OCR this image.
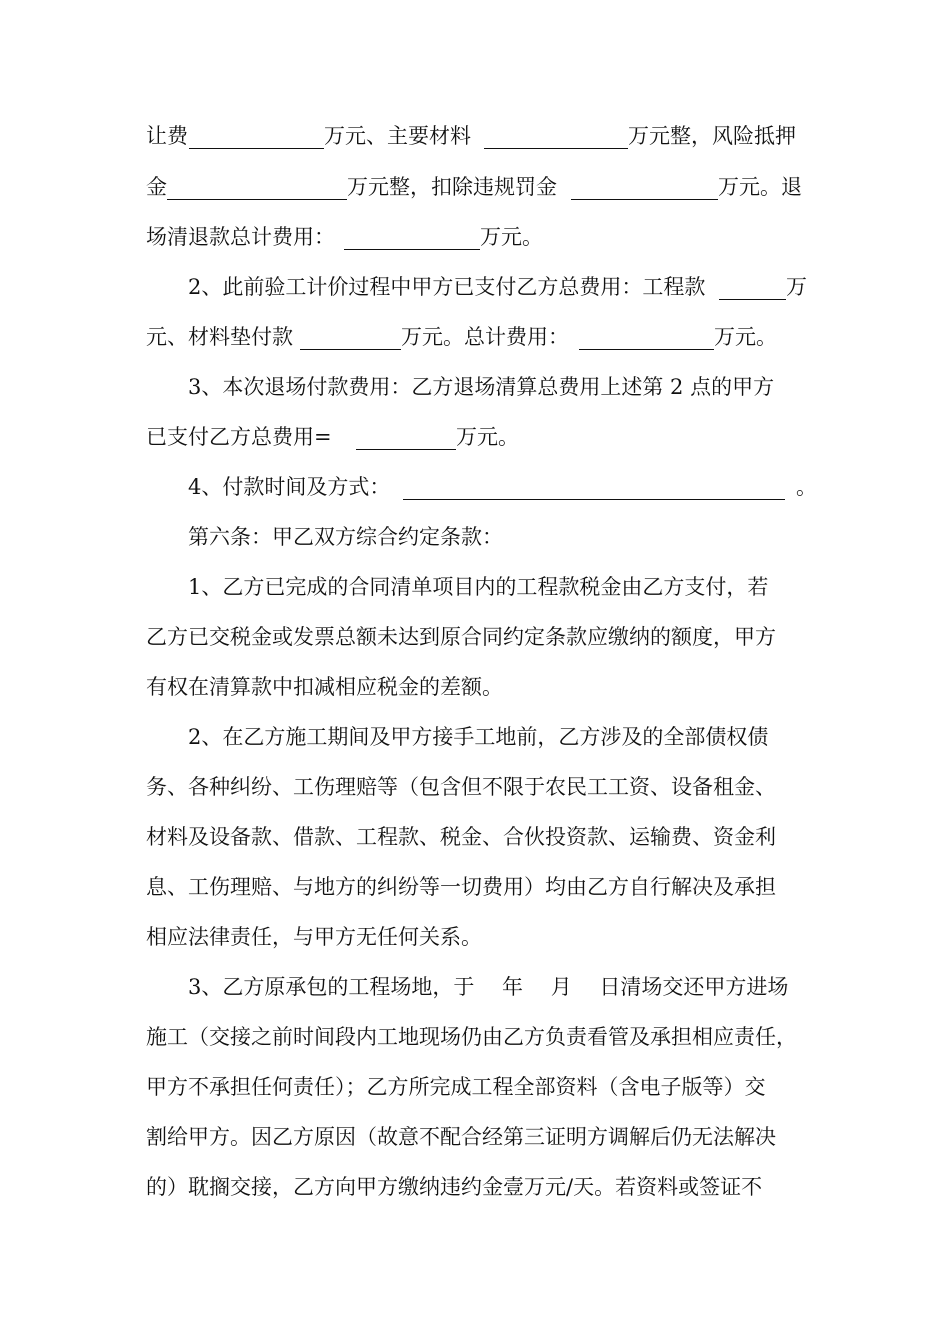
让费	万元、主要材料	万元整，风险抵押
金	万元整，扣除违规罚金	万元。退
场清退款总计费用：	万元。
2、此前验工计价过程中甲方已支付乙方总费用：工程款	万
元、材料垫付款	万元。总计费用：	万元。
3、本次退场付款费用：乙方退场清算总费用上述第 2 点的甲方
已支付乙方总费用=	万元。
4、付款时间及方式：	。
第六条：甲乙双方综合约定条款：
1、乙方已完成的合同清单项目内的工程款税金由乙方支付，若
乙方已交税金或发票总额未达到原合同约定条款应缴纳的额度，甲方
有权在清算款中扣减相应税金的差额。
2、在乙方施工期间及甲方接手工地前，乙方涉及的全部债权债
务、各种纠纷、工伤理赔等（包含但不限于农民工工资、设备租金、
材料及设备款、借款、工程款、税金、合伙投资款、运输费、资金利
息、工伤理赔、与地方的纠纷等一切费用）均由乙方自行解决及承担
相应法律责任，与甲方无任何关系。
3、乙方原承包的工程场地，于　 年　 月　 日清场交还甲方进场
施工（交接之前时间段内工地现场仍由乙方负责看管及承担相应责任，
甲方不承担任何责任）；乙方所完成工程全部资料（含电子版等）交
割给甲方。因乙方原因（故意不配合经第三证明方调解后仍无法解决
的）耽搁交接，乙方向甲方缴纳违约金壹万元/天。若资料或签证不
